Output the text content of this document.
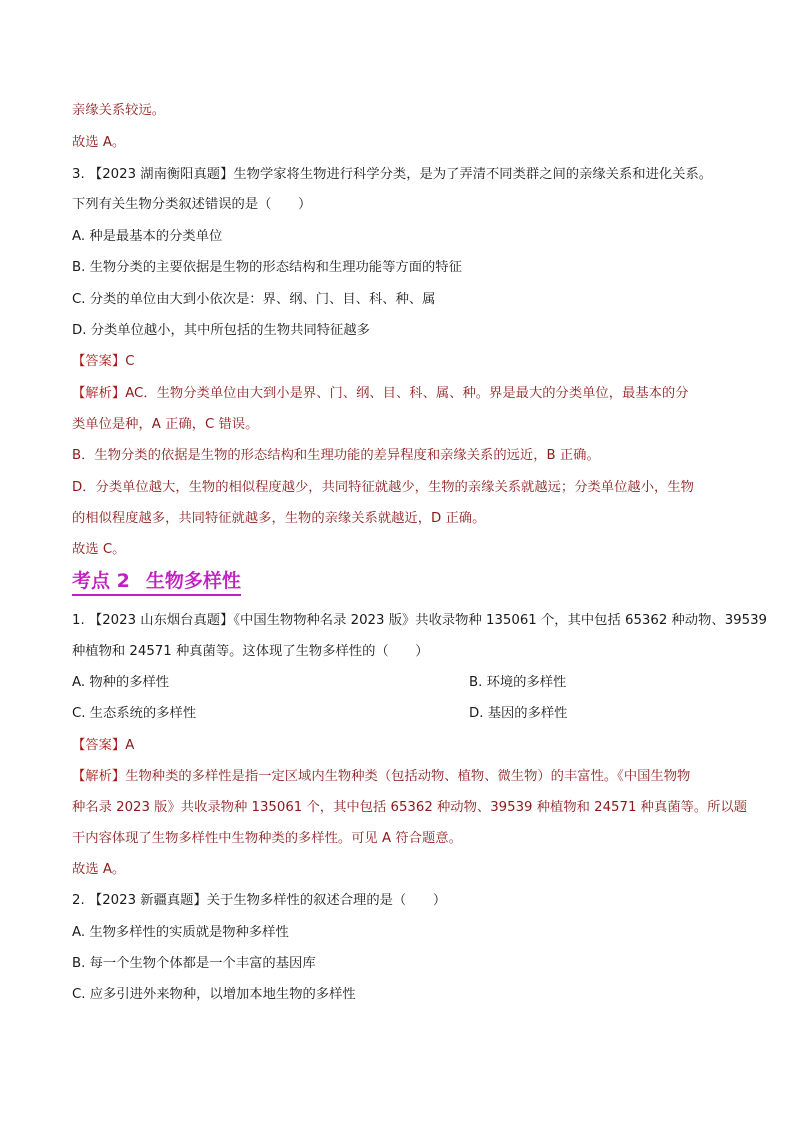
亲缘关系较远。
故选 A。
3. 【2023 湖南衡阳真题】生物学家将生物进行科学分类，是为了弄清不同类群之间的亲缘关系和进化关系。
下列有关生物分类叙述错误的是（　　）
A. 种是最基本的分类单位
B. 生物分类的主要依据是生物的形态结构和生理功能等方面的特征
C. 分类的单位由大到小依次是：界、纲、门、目、科、种、属
D. 分类单位越小，其中所包括的生物共同特征越多
【答案】C
【解析】AC．生物分类单位由大到小是界、门、纲、目、科、属、种。界是最大的分类单位，最基本的分
类单位是种，A 正确，C 错误。
B．生物分类的依据是生物的形态结构和生理功能的差异程度和亲缘关系的远近，B 正确。
D．分类单位越大，生物的相似程度越少，共同特征就越少，生物的亲缘关系就越远；分类单位越小，生物
的相似程度越多，共同特征就越多，生物的亲缘关系就越近，D 正确。
故选 C。
考点 2 生物多样性
1. 【2023 山东烟台真题】《中国生物物种名录 2023 版》共收录物种 135061 个，其中包括 65362 种动物、39539
种植物和 24571 种真菌等。这体现了生物多样性的（　　）
A. 物种的多样性	B. 环境的多样性
C. 生态系统的多样性	D. 基因的多样性
【答案】A
【解析】生物种类的多样性是指一定区域内生物种类（包括动物、植物、微生物）的丰富性。《中国生物物
种名录 2023 版》共收录物种 135061 个，其中包括 65362 种动物、39539 种植物和 24571 种真菌等。所以题
干内容体现了生物多样性中生物种类的多样性。可见 A 符合题意。
故选 A。
2. 【2023 新疆真题】关于生物多样性的叙述合理的是（　　）
A. 生物多样性的实质就是物种多样性
B. 每一个生物个体都是一个丰富的基因库
C. 应多引进外来物种，以增加本地生物的多样性
